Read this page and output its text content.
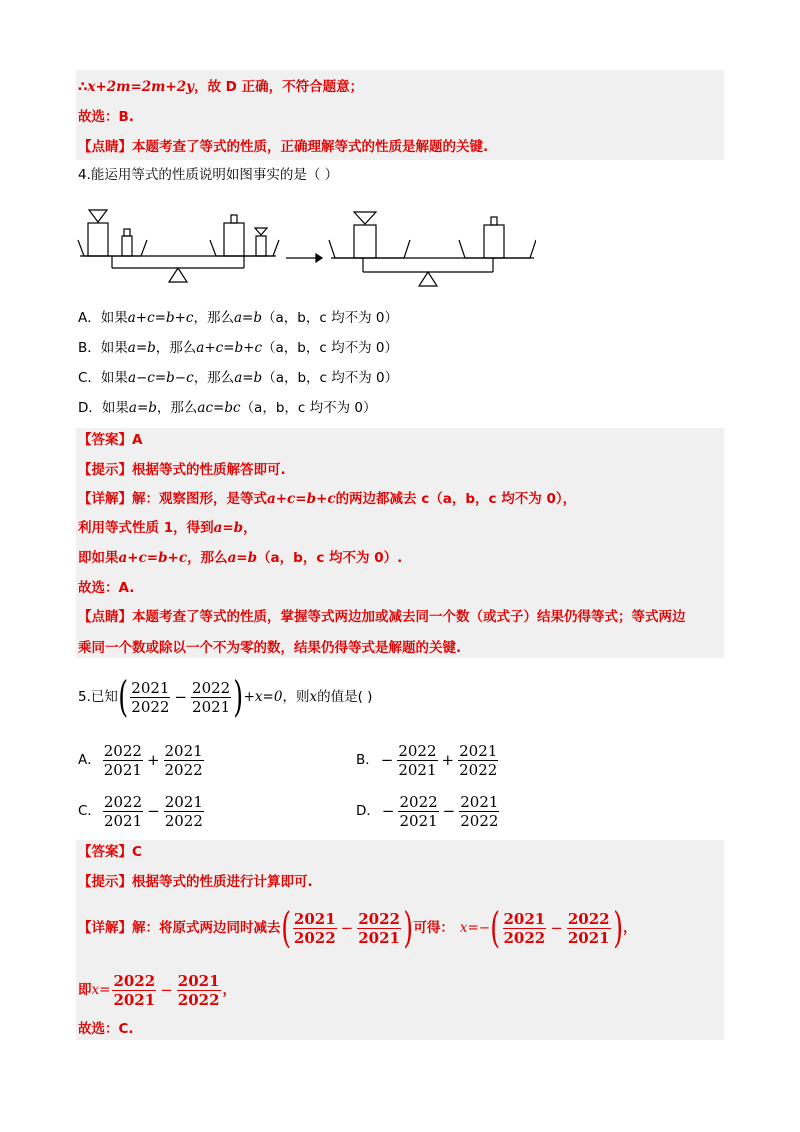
∴x+2m=2m+2y，故 D 正确，不符合题意；
故选：B.
【点睛】本题考查了等式的性质，正确理解等式的性质是解题的关键.
4.能运用等式的性质说明如图事实的是（ ）
A．如果a+c=b+c，那么a=b（a，b，c 均不为 0）
B．如果a=b，那么a+c=b+c（a，b，c 均不为 0）
C．如果a−c=b−c，那么a=b（a，b，c 均不为 0）
D．如果a=b，那么ac=bc（a，b，c 均不为 0）
【答案】A
【提示】根据等式的性质解答即可.
【详解】解：观察图形，是等式a+c=b+c的两边都减去 c（a，b，c 均不为 0），
利用等式性质 1，得到a=b，
即如果a+c=b+c，那么a=b（a，b，c 均不为 0）.
故选：A.
【点睛】本题考查了等式的性质，掌握等式两边加或减去同一个数（或式子）结果仍得等式；等式两边
乘同一个数或除以一个不为零的数，结果仍得等式是解题的关键.
5.已知( $\frac{2021}{2022} - \frac{2022}{2021} )+x=0$，则x的值是( )
A． $\frac{2022}{2021} + \frac{2021}{2022}$	B． − $\frac{2022}{2021} + \frac{2021}{2022}$
C． $\frac{2022}{2021} - \frac{2021}{2022}$	D． − $\frac{2022}{2021} - \frac{2021}{2022}$
【答案】C
【提示】根据等式的性质进行计算即可.
【详解】解：将原式两边同时减去( $\frac{2021}{2022} - \frac{2022}{2021}$ )可得： $x=-( \frac{2021}{2022} - \frac{2022}{2021}$ )，
即$x= \frac{2022}{2021} - \frac{2021}{2022}$ ，
故选：C.
